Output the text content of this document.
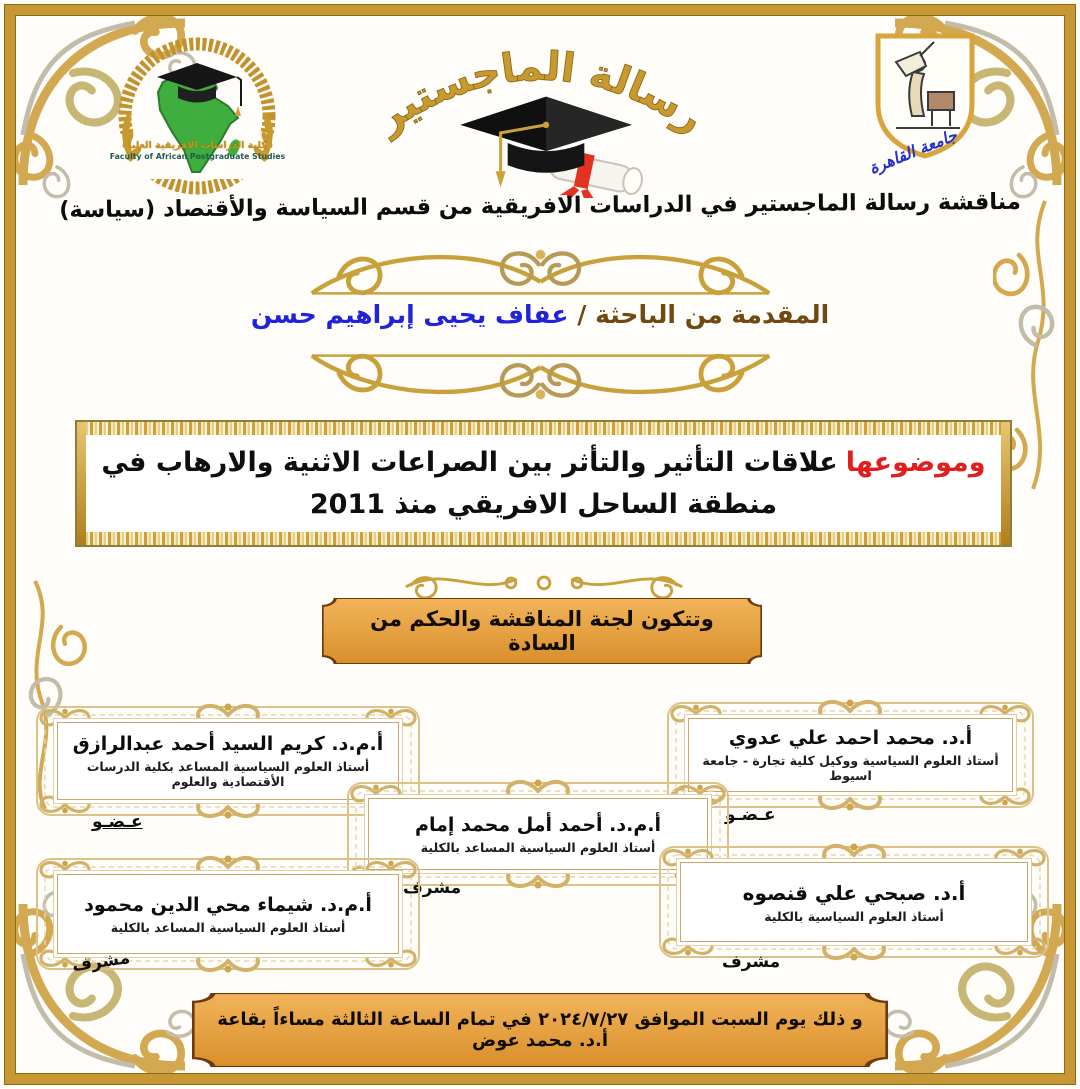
كلية الدراسات الافريقية العليا
Faculty of African Postgraduate Studies
رسالة الماجستير
جامعة القاهرة
مناقشة رسالة الماجستير في الدراسات الافريقية من قسم السياسة والأقتصاد (سياسة)
المقدمة من الباحثة / عفاف يحيى إبراهيم حسن
وموضوعهاعلاقات التأثير والتأثر بين الصراعات الاثنية والارهاب في منطقة الساحل الافريقي منذ 2011
وتتكون لجنة المناقشة والحكم من السادة
أ.د. محمد احمد علي عدوي
أستاذ العلوم السياسية ووكيل كلية تجارة - جامعة اسيوط
عـضـو
أ.م.د. كريم السيد أحمد عبدالرازق
أستاذ العلوم السياسية المساعد بكلية الدرسات الأقتصادية والعلوم
عـضـو	أ.م.د. أحمد أمل محمد إمام
أستاذ العلوم السياسية المساعد بالكلية
مشرف	أ.د. صبحي علي قنصوه
أستاذ العلوم السياسية بالكلية
مشرف
أ.م.د. شيماء محي الدين محمود
أستاذ العلوم السياسية المساعد بالكلية
مشرف
و ذلك يوم السبت الموافق ٢٠٢٤/٧/٢٧ في تمام الساعة الثالثة مساءاً بقاعة أ.د. محمد عوض
